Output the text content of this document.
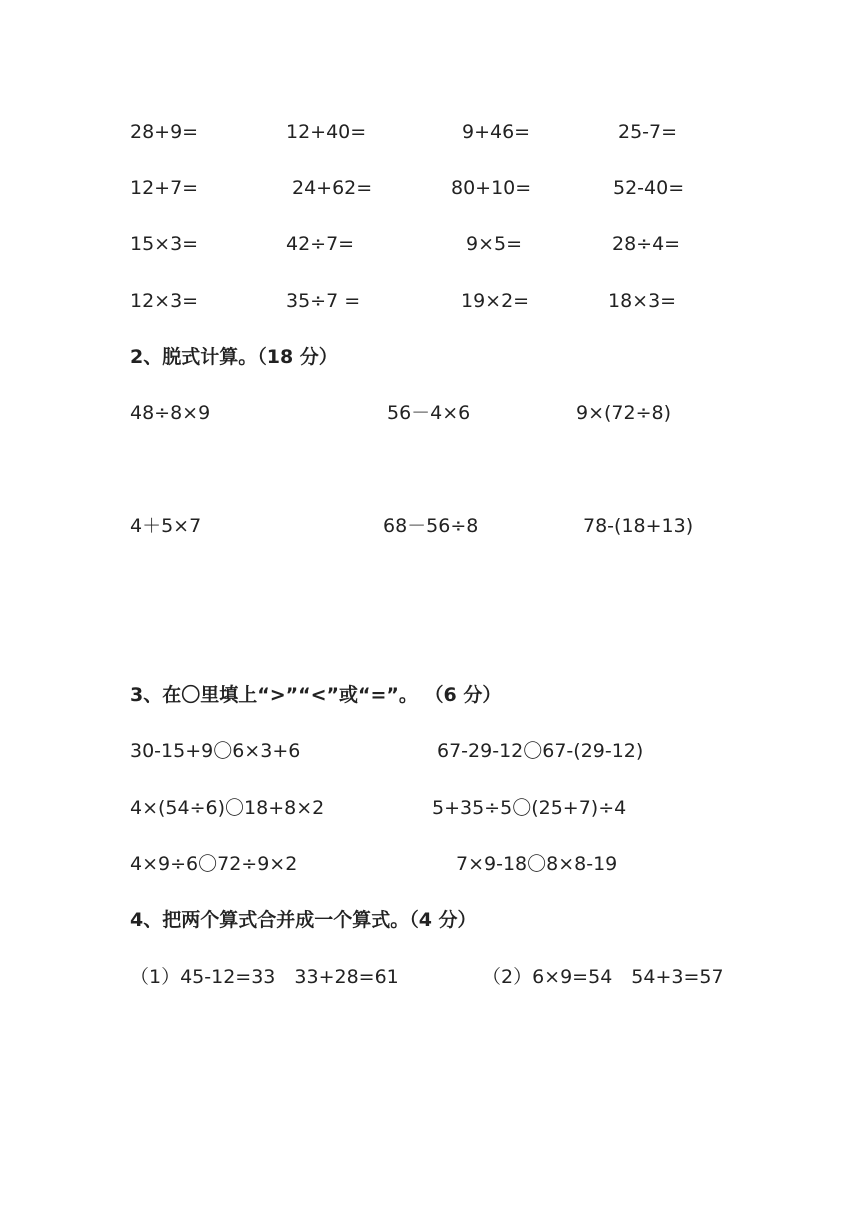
28+9=	12+40=	9+46=	25-7=
12+7=	24+62=	80+10=	52-40=
15×3=	42÷7=	9×5=	28÷4=
12×3=	35÷7 =	19×2=	18×3=
2、脱式计算。（18 分）
48÷8×9	56－4×6	9×(72÷8)
4＋5×7	68－56÷8	78-(18+13)
3、在〇里填上“>”“<”或“=”。 （6 分）
30-15+9〇6×3+6	67-29-12〇67-(29-12)
4×(54÷6)〇18+8×2	5+35÷5〇(25+7)÷4
4×9÷6〇72÷9×2	7×9-18〇8×8-19
4、把两个算式合并成一个算式。（4 分）
（1）45-12=33　33+28=61	（2）6×9=54　54+3=57
